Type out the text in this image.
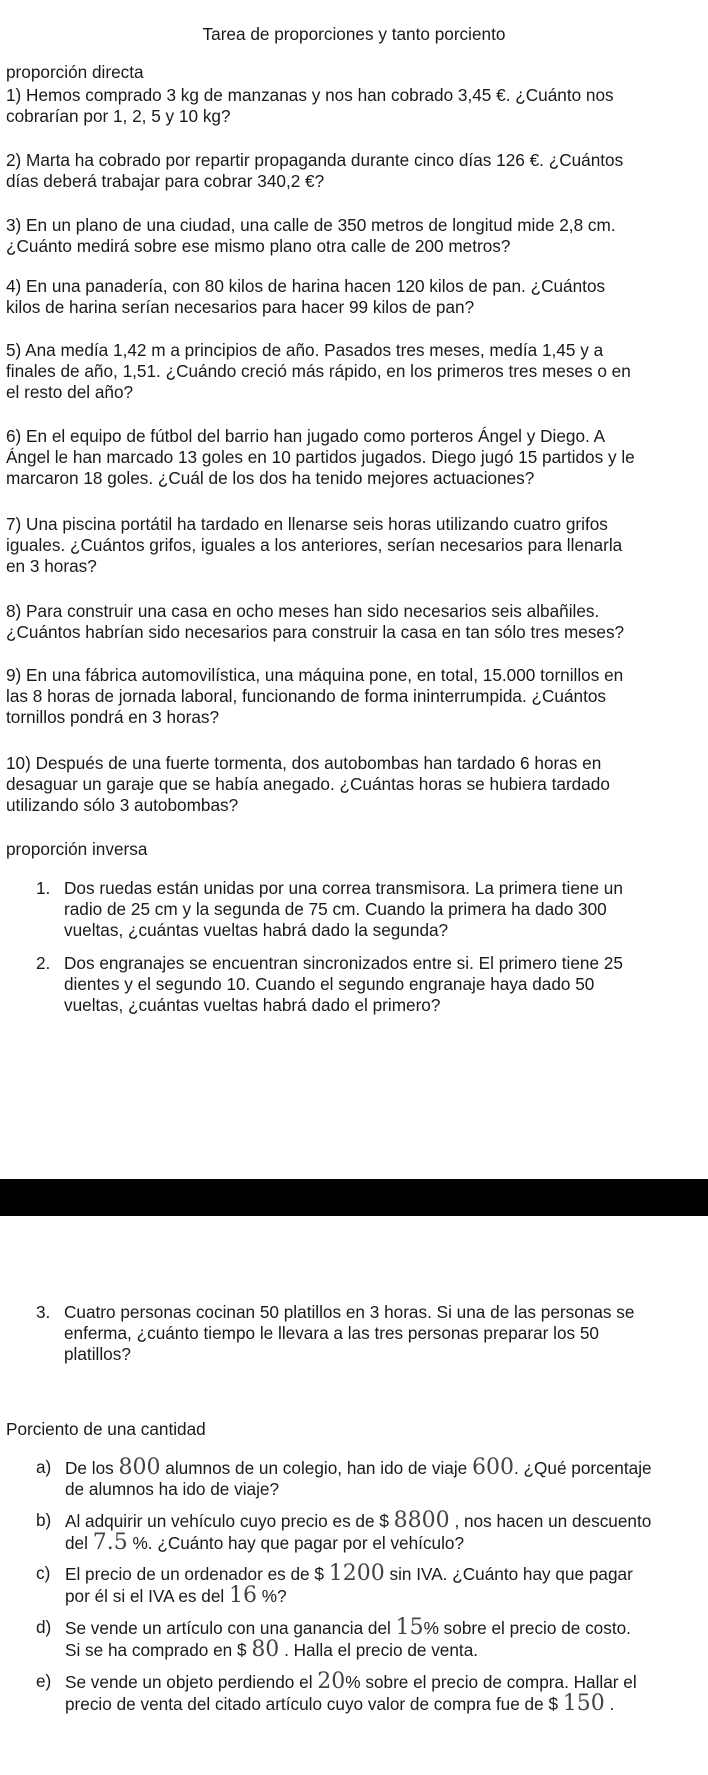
Tarea de proporciones y tanto porciento
proporción directa
1) Hemos comprado 3 kg de manzanas y nos han cobrado 3,45 €. ¿Cuánto nos
cobrarían por 1, 2, 5 y 10 kg?
2) Marta ha cobrado por repartir propaganda durante cinco días 126 €. ¿Cuántos
días deberá trabajar para cobrar 340,2 €?
3) En un plano de una ciudad, una calle de 350 metros de longitud mide 2,8 cm.
¿Cuánto medirá sobre ese mismo plano otra calle de 200 metros?
4) En una panadería, con 80 kilos de harina hacen 120 kilos de pan. ¿Cuántos
kilos de harina serían necesarios para hacer 99 kilos de pan?
5) Ana medía 1,42 m a principios de año. Pasados tres meses, medía 1,45 y a
finales de año, 1,51. ¿Cuándo creció más rápido, en los primeros tres meses o en
el resto del año?
6) En el equipo de fútbol del barrio han jugado como porteros Ángel y Diego. A
Ángel le han marcado 13 goles en 10 partidos jugados. Diego jugó 15 partidos y le
marcaron 18 goles. ¿Cuál de los dos ha tenido mejores actuaciones?
7) Una piscina portátil ha tardado en llenarse seis horas utilizando cuatro grifos
iguales. ¿Cuántos grifos, iguales a los anteriores, serían necesarios para llenarla
en 3 horas?
8) Para construir una casa en ocho meses han sido necesarios seis albañiles.
¿Cuántos habrían sido necesarios para construir la casa en tan sólo tres meses?
9) En una fábrica automovilística, una máquina pone, en total, 15.000 tornillos en
las 8 horas de jornada laboral, funcionando de forma ininterrumpida. ¿Cuántos
tornillos pondrá en 3 horas?
10) Después de una fuerte tormenta, dos autobombas han tardado 6 horas en
desaguar un garaje que se había anegado. ¿Cuántas horas se hubiera tardado
utilizando sólo 3 autobombas?
proporción inversa
1. Dos ruedas están unidas por una correa transmisora. La primera tiene un
radio de 25 cm y la segunda de 75 cm. Cuando la primera ha dado 300
vueltas, ¿cuántas vueltas habrá dado la segunda?
2. Dos engranajes se encuentran sincronizados entre si. El primero tiene 25
dientes y el segundo 10. Cuando el segundo engranaje haya dado 50
vueltas, ¿cuántas vueltas habrá dado el primero?
3. Cuatro personas cocinan 50 platillos en 3 horas. Si una de las personas se
enferma, ¿cuánto tiempo le llevara a las tres personas preparar los 50
platillos?
Porciento de una cantidad
a) De los 800 alumnos de un colegio, han ido de viaje 600. ¿Qué porcentaje
de alumnos ha ido de viaje?
b) Al adquirir un vehículo cuyo precio es de $ 8800 , nos hacen un descuento
del 7.5 %. ¿Cuánto hay que pagar por el vehículo?
c) El precio de un ordenador es de $ 1200 sin IVA. ¿Cuánto hay que pagar
por él si el IVA es del 16 %?
d) Se vende un artículo con una ganancia del 15% sobre el precio de costo.
Si se ha comprado en $ 80 . Halla el precio de venta.
e) Se vende un objeto perdiendo el 20% sobre el precio de compra. Hallar el
precio de venta del citado artículo cuyo valor de compra fue de $ 150 .
